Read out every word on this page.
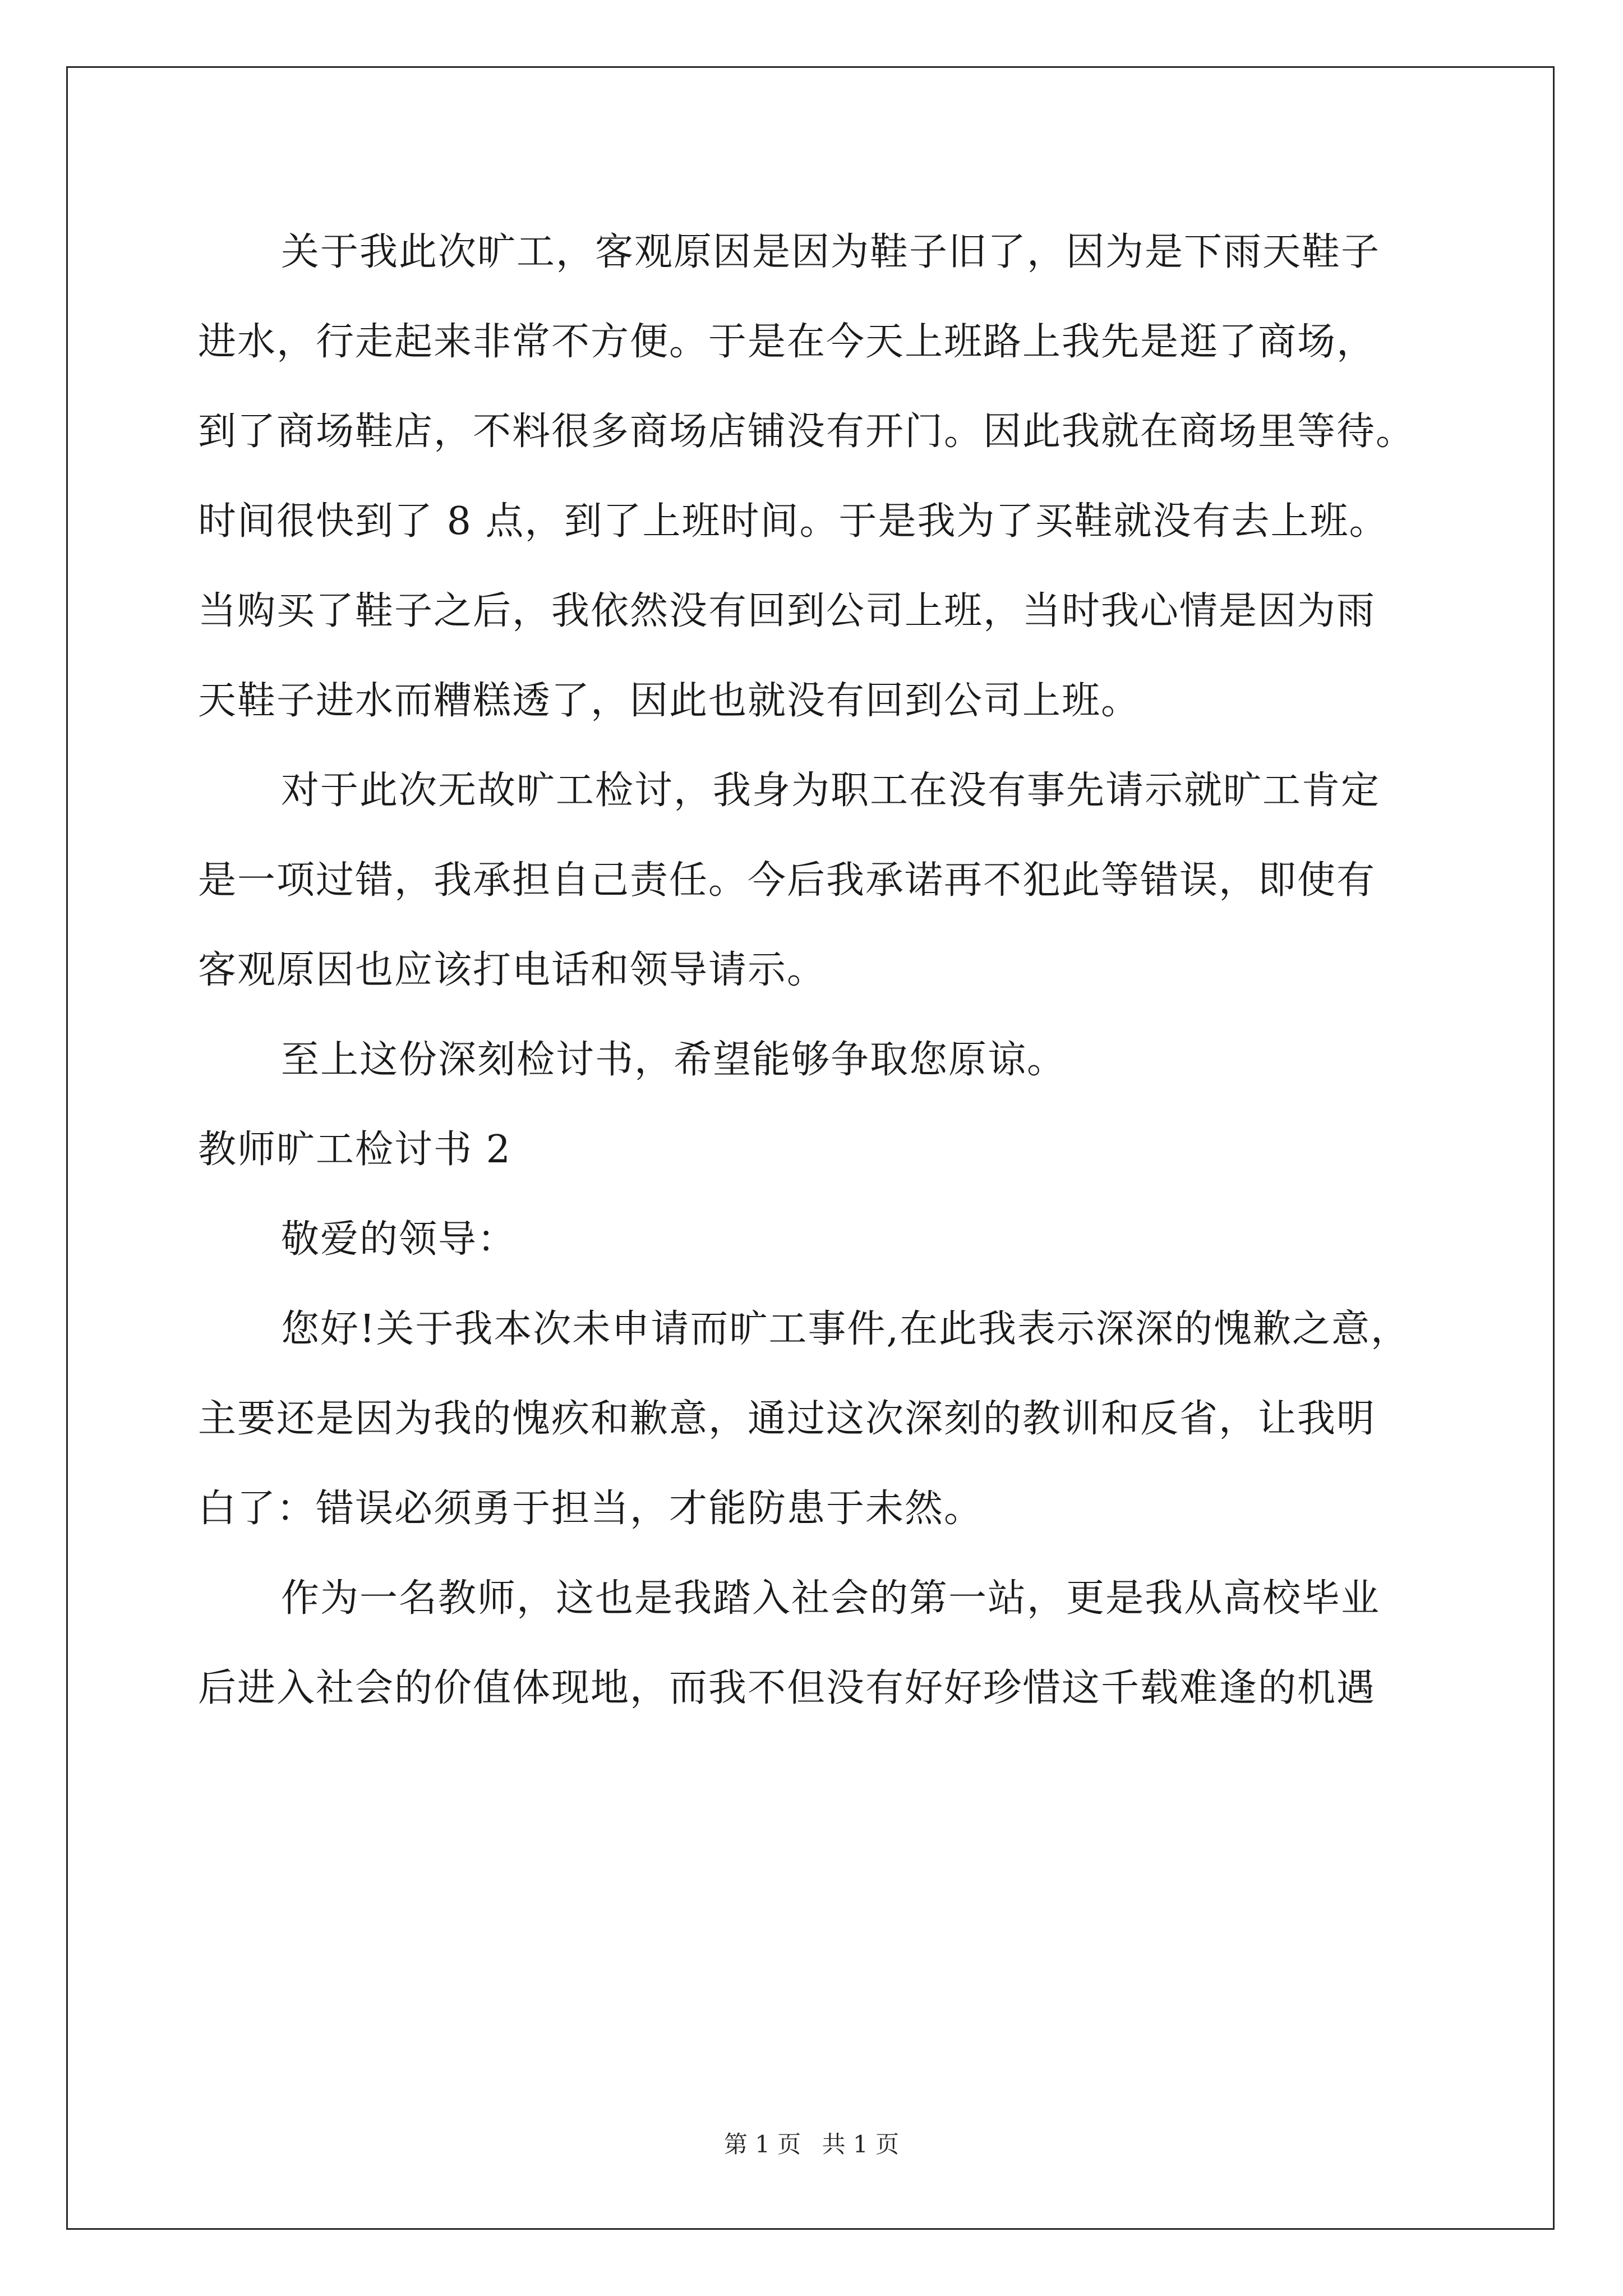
关于我此次旷工，客观原因是因为鞋子旧了，因为是下雨天鞋子
进水，行走起来非常不方便。于是在今天上班路上我先是逛了商场，
到了商场鞋店，不料很多商场店铺没有开门。因此我就在商场里等待。
时间很快到了 8 点，到了上班时间。于是我为了买鞋就没有去上班。
当购买了鞋子之后，我依然没有回到公司上班，当时我心情是因为雨
天鞋子进水而糟糕透了，因此也就没有回到公司上班。
对于此次无故旷工检讨，我身为职工在没有事先请示就旷工肯定
是一项过错，我承担自己责任。今后我承诺再不犯此等错误，即使有
客观原因也应该打电话和领导请示。
至上这份深刻检讨书，希望能够争取您原谅。
教师旷工检讨书 2
敬爱的领导：
您好!关于我本次未申请而旷工事件,在此我表示深深的愧歉之意，
主要还是因为我的愧疚和歉意，通过这次深刻的教训和反省，让我明
白了：错误必须勇于担当，才能防患于未然。
作为一名教师，这也是我踏入社会的第一站，更是我从高校毕业
后进入社会的价值体现地，而我不但没有好好珍惜这千载难逢的机遇
第 1 页 共 1 页
